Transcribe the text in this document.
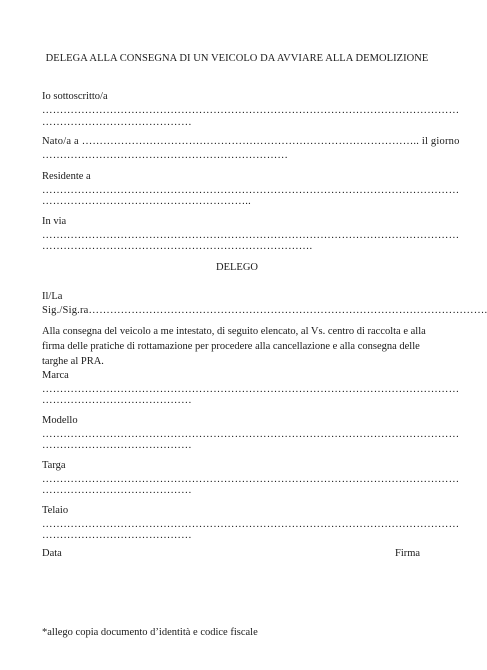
DELEGA ALLA CONSEGNA DI UN VEICOLO DA AVVIARE ALLA DEMOLIZIONE
Io sottoscritto/a
………………………………………………………………………………………………………
……………………………………
Nato/a a ………………………………………………………………………………….. il giorno
……………………………………………………………
Residente a
………………………………………………………………………………………………………
…………………………………………………..
In via
………………………………………………………………………………………………………
………………………………………………………………….
DELEGO
Il/La
Sig./Sig.ra………………………………………………………………………………………………….
Alla consegna del veicolo a me intestato, di seguito elencato, al Vs. centro di raccolta e alla firma delle pratiche di rottamazione per procedere alla cancellazione e alla consegna delle targhe al PRA.
Marca
………………………………………………………………………………………………………
……………………………………
Modello
………………………………………………………………………………………………………
……………………………………
Targa
………………………………………………………………………………………………………
……………………………………
Telaio
………………………………………………………………………………………………………
……………………………………
Data	Firma
*allego copia documento d’identità e codice fiscale
